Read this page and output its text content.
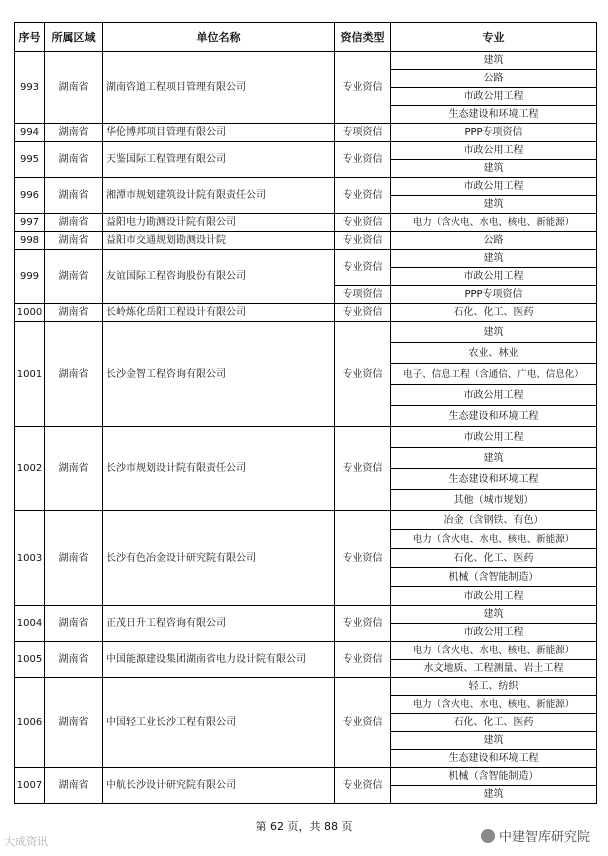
序号	所属区域	单位名称	资信类型	专业
993	湖南省	湖南咨道工程项目管理有限公司	专业资信	建筑
				公路
				市政公用工程
				生态建设和环境工程
994	湖南省	华伦博邦项目管理有限公司	专项资信	PPP专项资信
995	湖南省	天鉴国际工程管理有限公司	专业资信	市政公用工程
				建筑
996	湖南省	湘潭市规划建筑设计院有限责任公司	专业资信	市政公用工程
				建筑
997	湖南省	益阳电力勘测设计院有限公司	专业资信	电力（含火电、水电、核电、新能源）
998	湖南省	益阳市交通规划勘测设计院	专业资信	公路
999	湖南省	友谊国际工程咨询股份有限公司	专业资信	建筑
				市政公用工程
			专项资信	PPP专项资信
1000	湖南省	长岭炼化岳阳工程设计有限公司	专业资信	石化、化工、医药
1001	湖南省	长沙金智工程咨询有限公司	专业资信	建筑
				农业、林业
				电子、信息工程（含通信、广电、信息化）
				市政公用工程
				生态建设和环境工程
1002	湖南省	长沙市规划设计院有限责任公司	专业资信	市政公用工程
				建筑
				生态建设和环境工程
				其他（城市规划）
1003	湖南省	长沙有色冶金设计研究院有限公司	专业资信	冶金（含钢铁、有色）
				电力（含火电、水电、核电、新能源）
				石化、化工、医药
				机械（含智能制造）
				市政公用工程
1004	湖南省	正茂日升工程咨询有限公司	专业资信	建筑
				市政公用工程
1005	湖南省	中国能源建设集团湖南省电力设计院有限公司	专业资信	电力（含火电、水电、核电、新能源）
				水文地质、工程测量、岩土工程
1006	湖南省	中国轻工业长沙工程有限公司	专业资信	轻工、纺织
				电力（含火电、水电、核电、新能源）
				石化、化工、医药
				建筑
				生态建设和环境工程
1007	湖南省	中航长沙设计研究院有限公司	专业资信	机械（含智能制造）
				建筑
第 62 页，共 88 页
大成资讯	中建智库研究院
